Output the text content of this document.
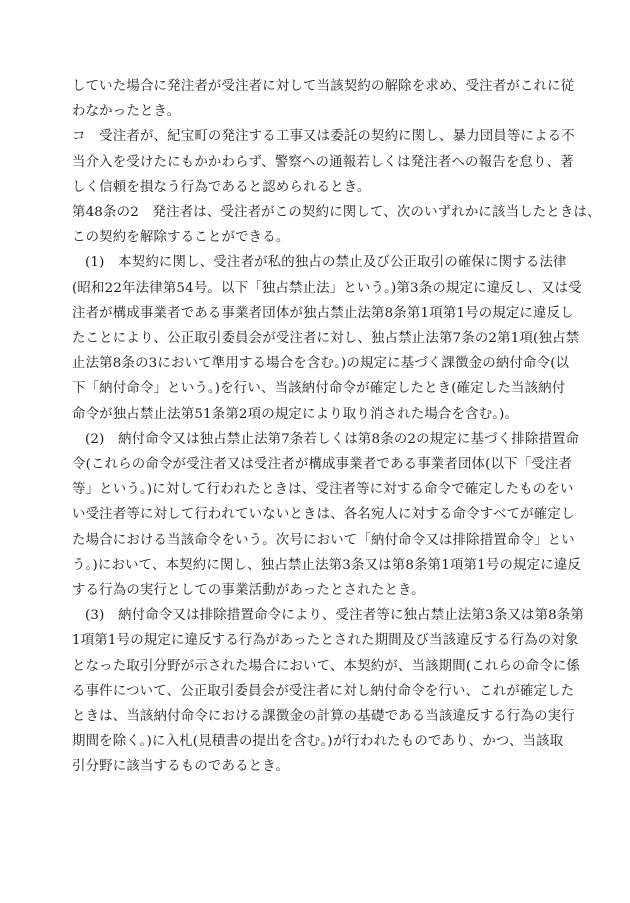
していた場合に発注者が受注者に対して当該契約の解除を求め、受注者がこれに従
わなかったとき。

コ　受注者が、紀宝町の発注する工事又は委託の契約に関し、暴力団員等による不
当介入を受けたにもかかわらず、警察への通報若しくは発注者への報告を怠り、著
しく信頼を損なう行為であると認められるとき。

第48条の2　発注者は、受注者がこの契約に関して、次のいずれかに該当したときは、
この契約を解除することができる。

(1)　本契約に関し、受注者が私的独占の禁止及び公正取引の確保に関する法律
(昭和22年法律第54号。以下「独占禁止法」という。)第3条の規定に違反し、又は受
注者が構成事業者である事業者団体が独占禁止法第8条第1項第1号の規定に違反し
たことにより、公正取引委員会が受注者に対し、独占禁止法第7条の2第1項(独占禁
止法第8条の3において準用する場合を含む。)の規定に基づく課徴金の納付命令(以
下「納付命令」という。)を行い、当該納付命令が確定したとき(確定した当該納付
命令が独占禁止法第51条第2項の規定により取り消された場合を含む。)。

(2)　納付命令又は独占禁止法第7条若しくは第8条の2の規定に基づく排除措置命
令(これらの命令が受注者又は受注者が構成事業者である事業者団体(以下「受注者
等」という。)に対して行われたときは、受注者等に対する命令で確定したものをい
い受注者等に対して行われていないときは、各名宛人に対する命令すべてが確定し
た場合における当該命令をいう。次号において「納付命令又は排除措置命令」とい
う。)において、本契約に関し、独占禁止法第3条又は第8条第1項第1号の規定に違反
する行為の実行としての事業活動があったとされたとき。

(3)　納付命令又は排除措置命令により、受注者等に独占禁止法第3条又は第8条第
1項第1号の規定に違反する行為があったとされた期間及び当該違反する行為の対象
となった取引分野が示された場合において、本契約が、当該期間(これらの命令に係
る事件について、公正取引委員会が受注者に対し納付命令を行い、これが確定した
ときは、当該納付命令における課徴金の計算の基礎である当該違反する行為の実行
期間を除く。)に入札(見積書の提出を含む。)が行われたものであり、かつ、当該取
引分野に該当するものであるとき。
